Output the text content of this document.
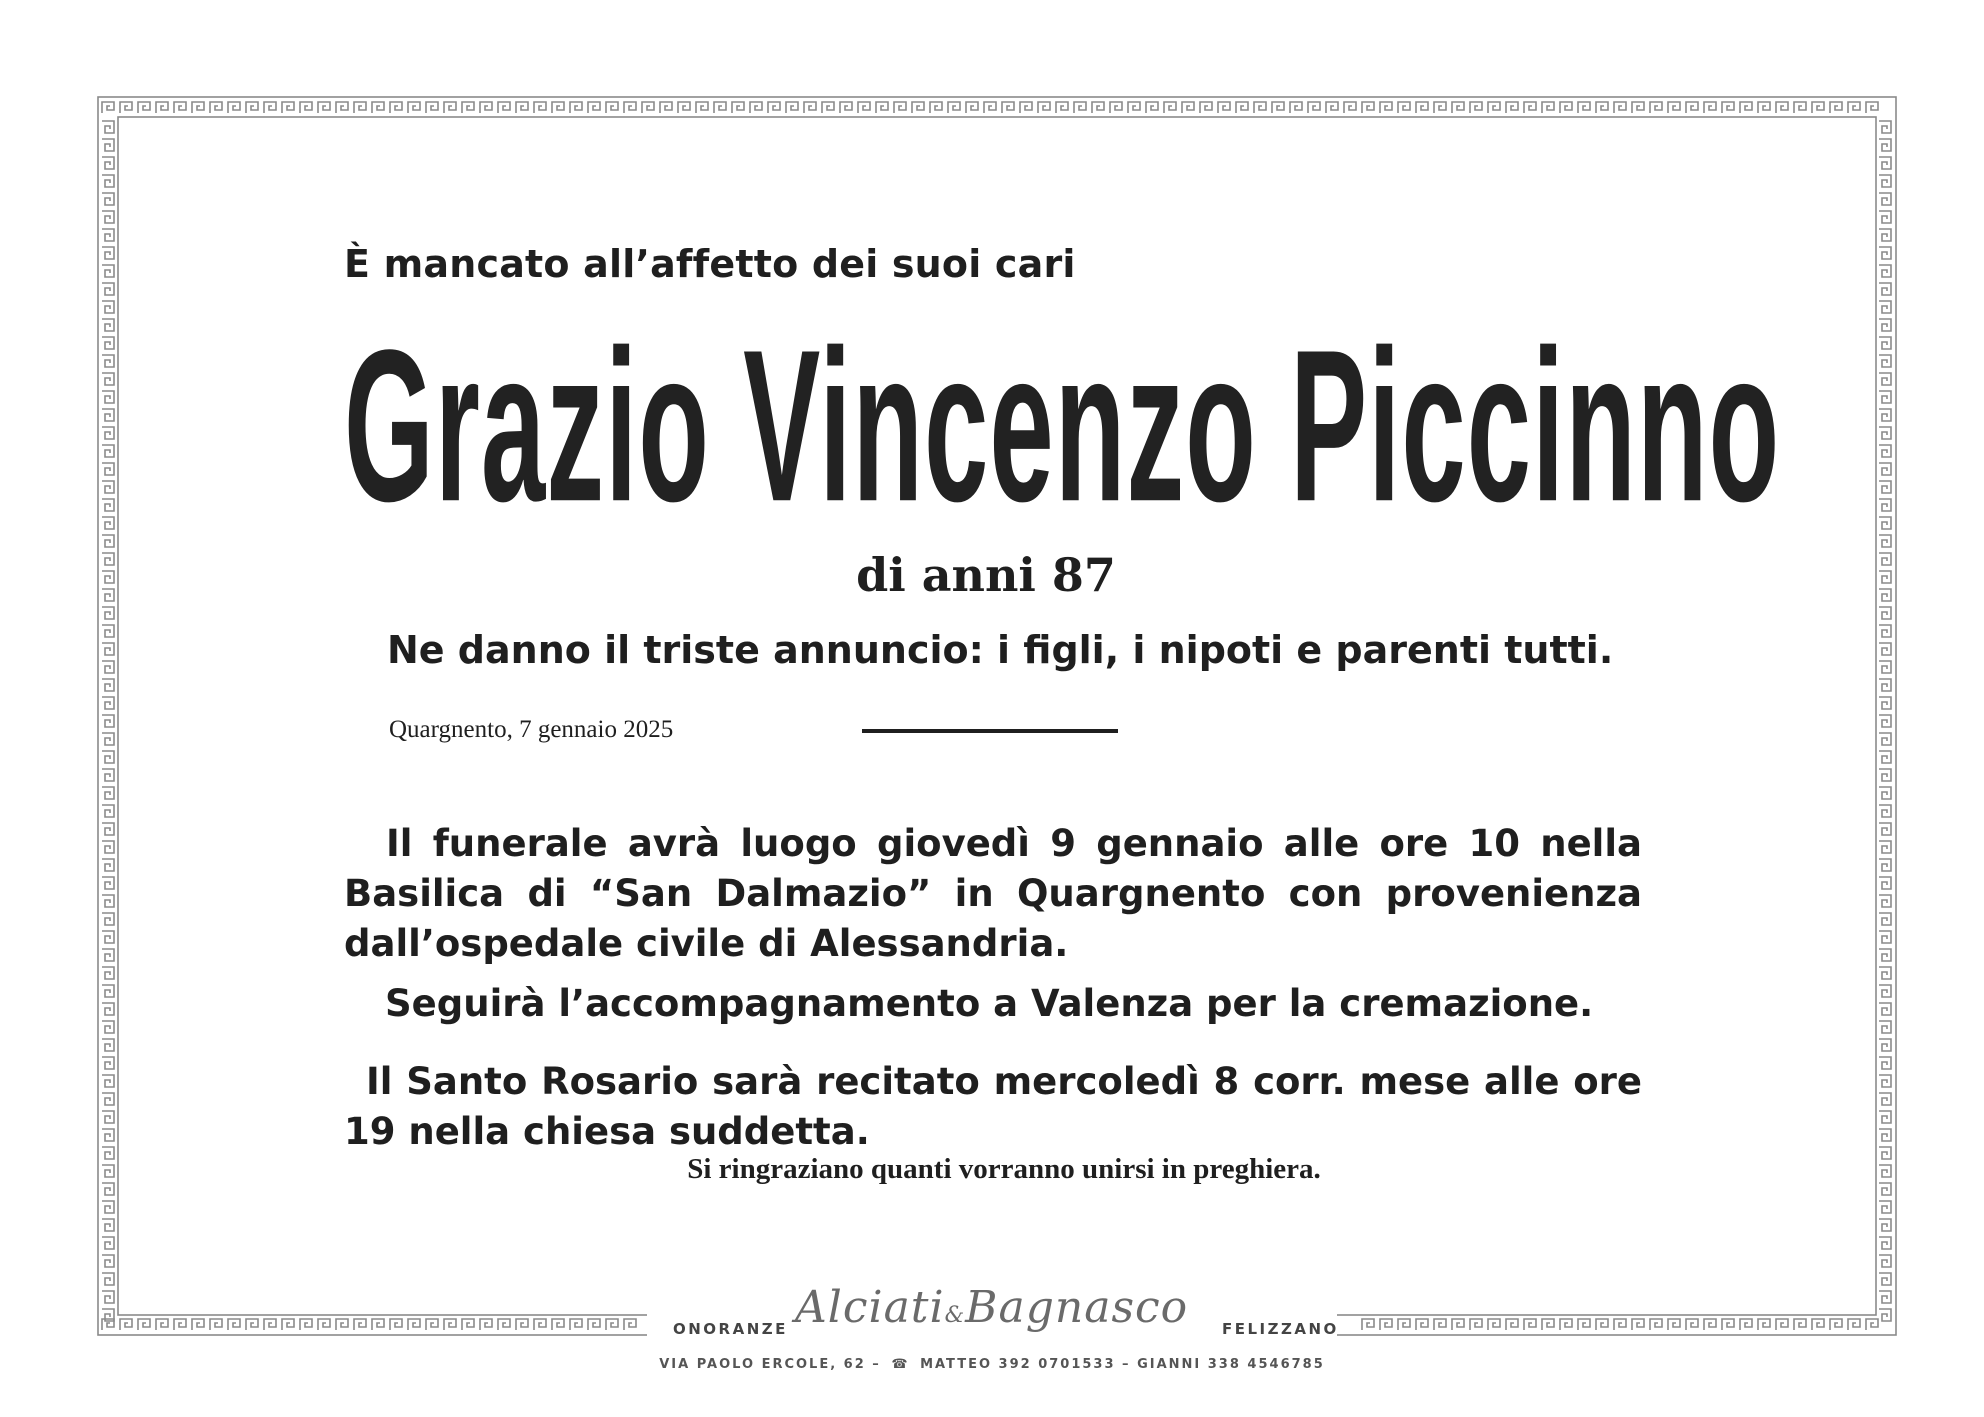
È mancato all’affetto dei suoi cari

Grazio Vincenzo Piccinno

di anni 87

Ne danno il triste annuncio: i figli, i nipoti e parenti tutti.

Quargnento, 7 gennaio 2025

Il funerale avrà luogo giovedì 9 gennaio alle ore 10 nella Basilica di “San Dalmazio” in Quargnento con provenienza dall’ospedale civile di Alessandria.

Seguirà l’accompagnamento a Valenza per la cremazione.

Il Santo Rosario sarà recitato mercoledì 8 corr. mese alle ore 19 nella chiesa suddetta.

Si ringraziano quanti vorranno unirsi in preghiera.

ONORANZE Alciati&Bagnasco FELIZZANO
VIA PAOLO ERCOLE, 62 – ☎ MATTEO 392 0701533 – GIANNI 338 4546785
